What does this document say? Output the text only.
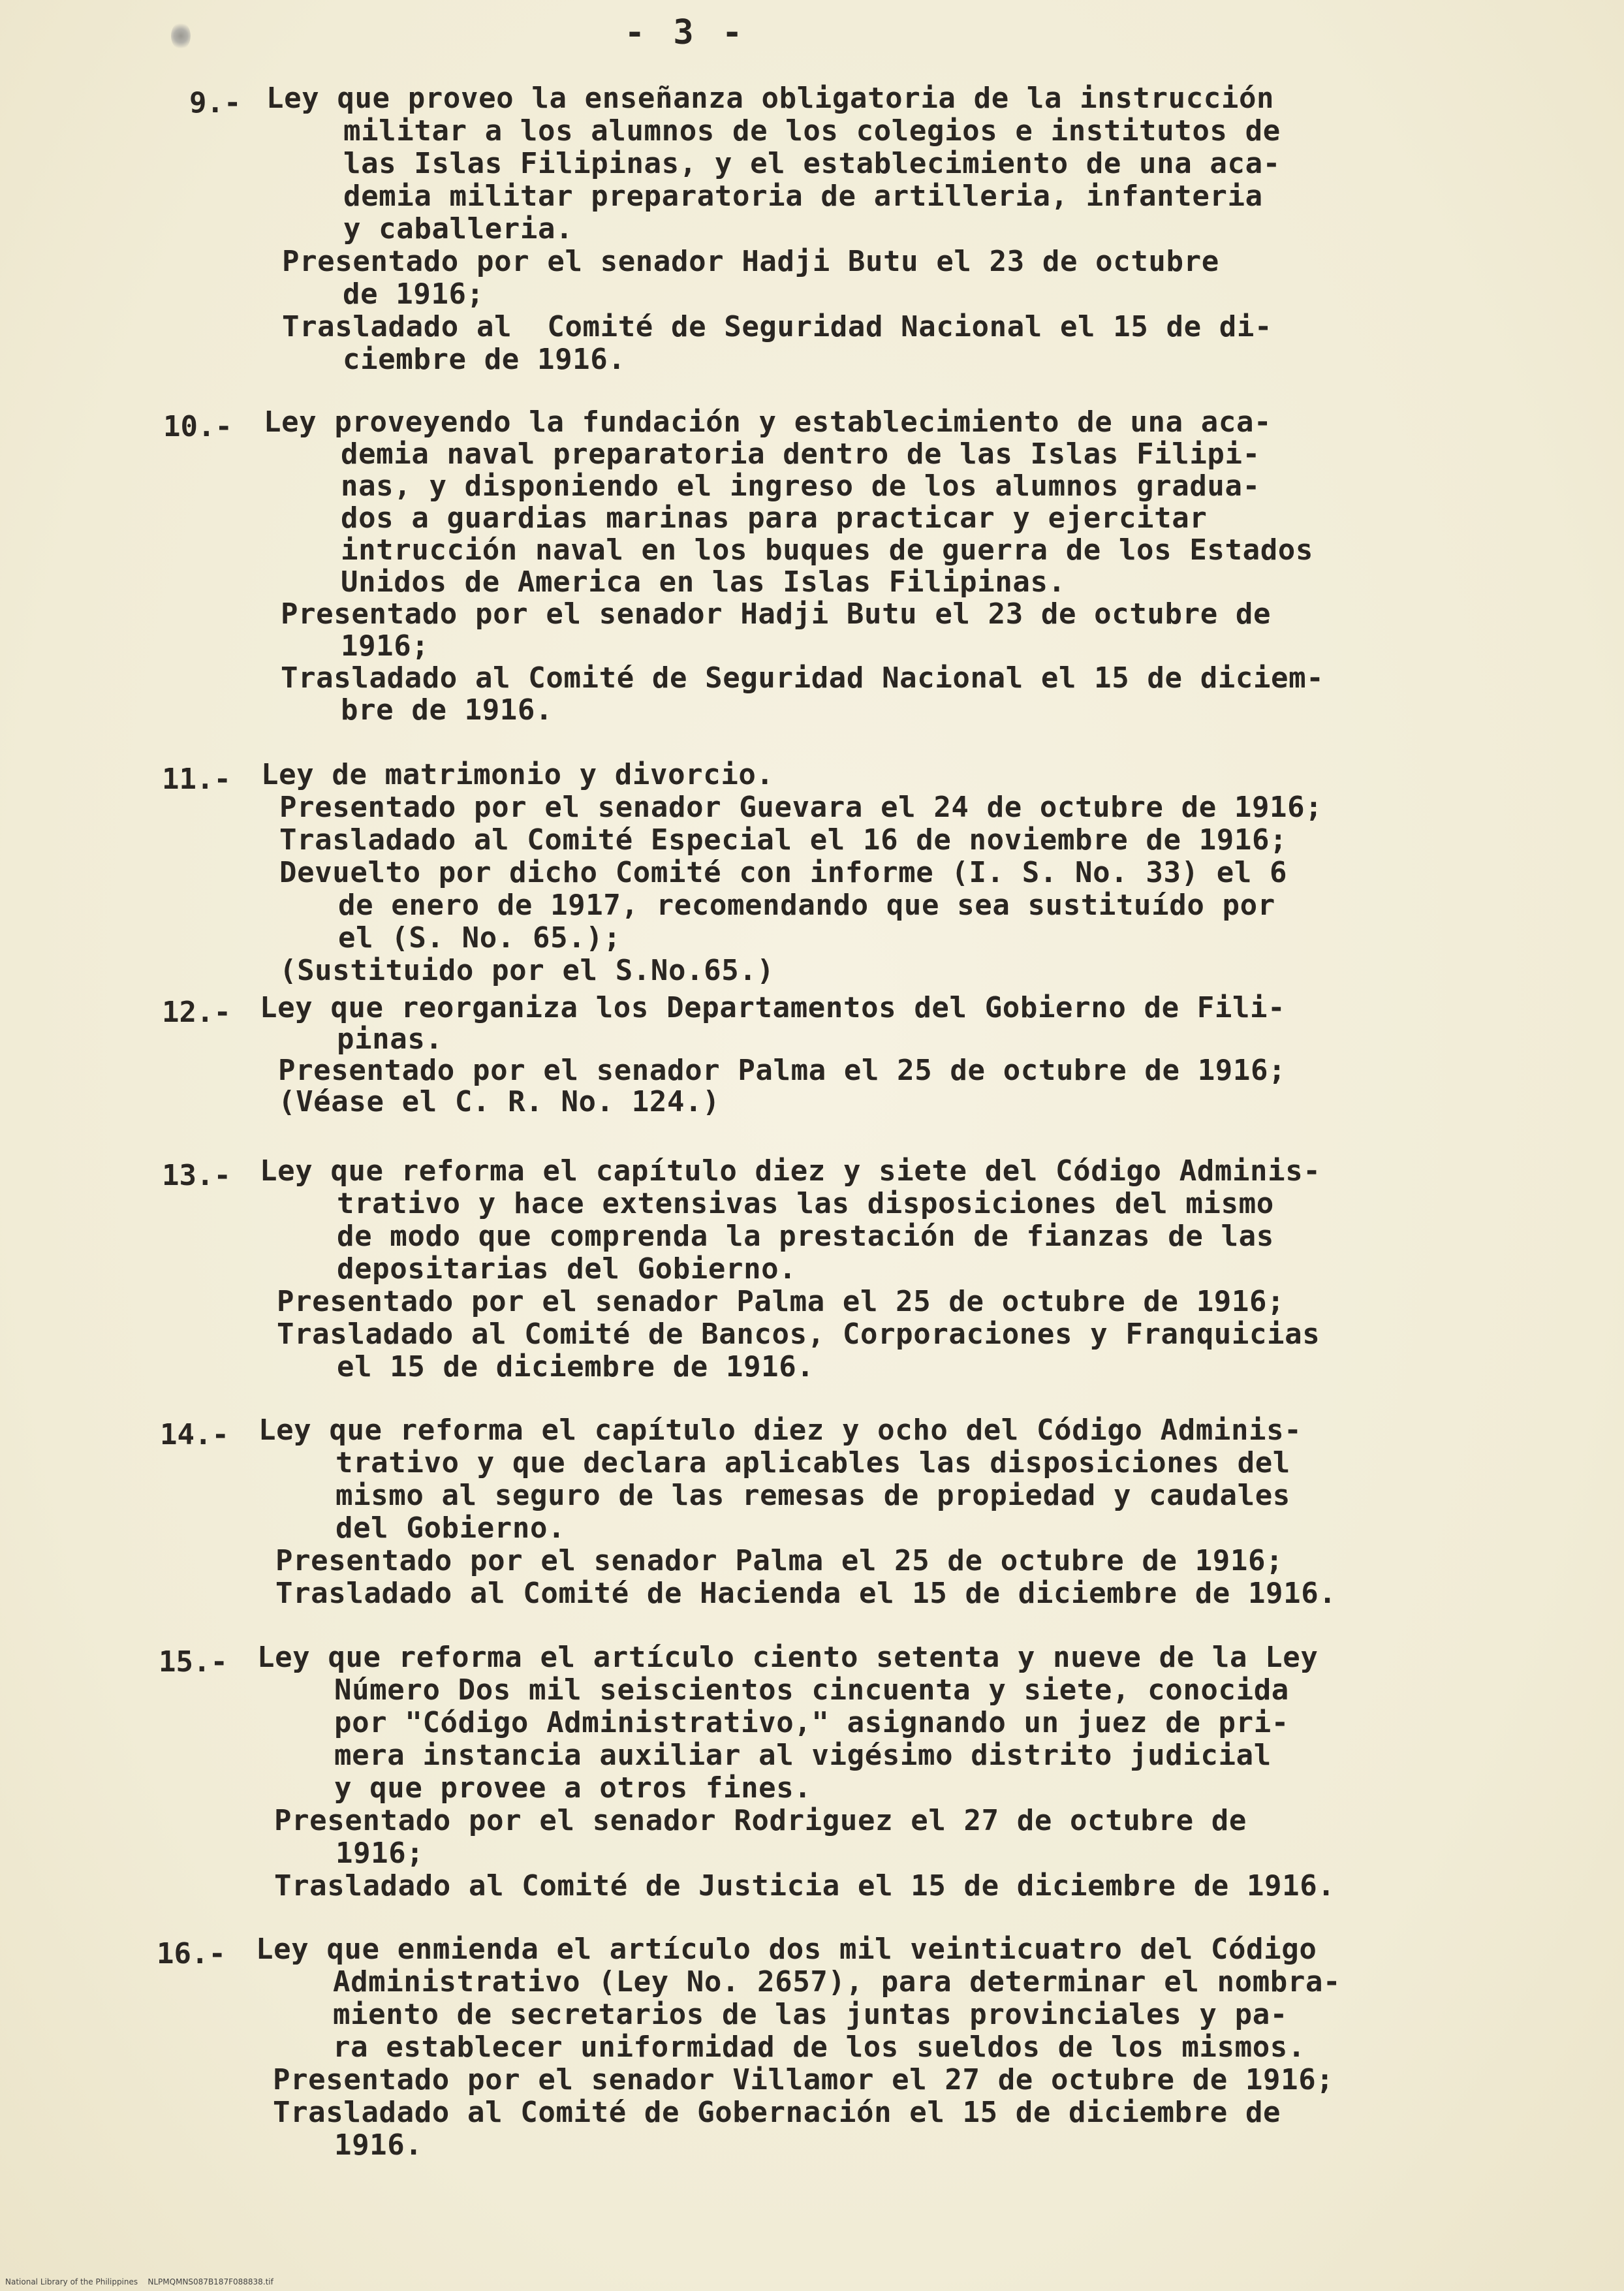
- 3 -
9.- Ley que proveo la enseñanza obligatoria de la instrucción
militar a los alumnos de los colegios e institutos de
las Islas Filipinas, y el establecimiento de una aca-
demia militar preparatoria de artilleria, infanteria
y caballeria.
Presentado por el senador Hadji Butu el 23 de octubre
de 1916;
Trasladado al  Comité de Seguridad Nacional el 15 de di-
ciembre de 1916.
10.- Ley proveyendo la fundación y establecimiento de una aca-
demia naval preparatoria dentro de las Islas Filipi-
nas, y disponiendo el ingreso de los alumnos gradua-
dos a guardias marinas para practicar y ejercitar
intrucción naval en los buques de guerra de los Estados
Unidos de America en las Islas Filipinas.
Presentado por el senador Hadji Butu el 23 de octubre de
1916;
Trasladado al Comité de Seguridad Nacional el 15 de diciem-
bre de 1916.
11.- Ley de matrimonio y divorcio.
Presentado por el senador Guevara el 24 de octubre de 1916;
Trasladado al Comité Especial el 16 de noviembre de 1916;
Devuelto por dicho Comité con informe (I. S. No. 33) el 6
de enero de 1917, recomendando que sea sustituído por
el (S. No. 65.);
(Sustituido por el S.No.65.)
12.- Ley que reorganiza los Departamentos del Gobierno de Fili-
pinas.
Presentado por el senador Palma el 25 de octubre de 1916;
(Véase el C. R. No. 124.)
13.- Ley que reforma el capítulo diez y siete del Código Adminis-
trativo y hace extensivas las disposiciones del mismo
de modo que comprenda la prestación de fianzas de las
depositarias del Gobierno.
Presentado por el senador Palma el 25 de octubre de 1916;
Trasladado al Comité de Bancos, Corporaciones y Franquicias
el 15 de diciembre de 1916.
14.- Ley que reforma el capítulo diez y ocho del Código Adminis-
trativo y que declara aplicables las disposiciones del
mismo al seguro de las remesas de propiedad y caudales
del Gobierno.
Presentado por el senador Palma el 25 de octubre de 1916;
Trasladado al Comité de Hacienda el 15 de diciembre de 1916.
15.- Ley que reforma el artículo ciento setenta y nueve de la Ley
Número Dos mil seiscientos cincuenta y siete, conocida
por "Código Administrativo," asignando un juez de pri-
mera instancia auxiliar al vigésimo distrito judicial
y que provee a otros fines.
Presentado por el senador Rodriguez el 27 de octubre de
1916;
Trasladado al Comité de Justicia el 15 de diciembre de 1916.
16.- Ley que enmienda el artículo dos mil veinticuatro del Código
Administrativo (Ley No. 2657), para determinar el nombra-
miento de secretarios de las juntas provinciales y pa-
ra establecer uniformidad de los sueldos de los mismos.
Presentado por el senador Villamor el 27 de octubre de 1916;
Trasladado al Comité de Gobernación el 15 de diciembre de
1916.
National Library of the Philippines    NLPMQMNS087B187F088838.tif
